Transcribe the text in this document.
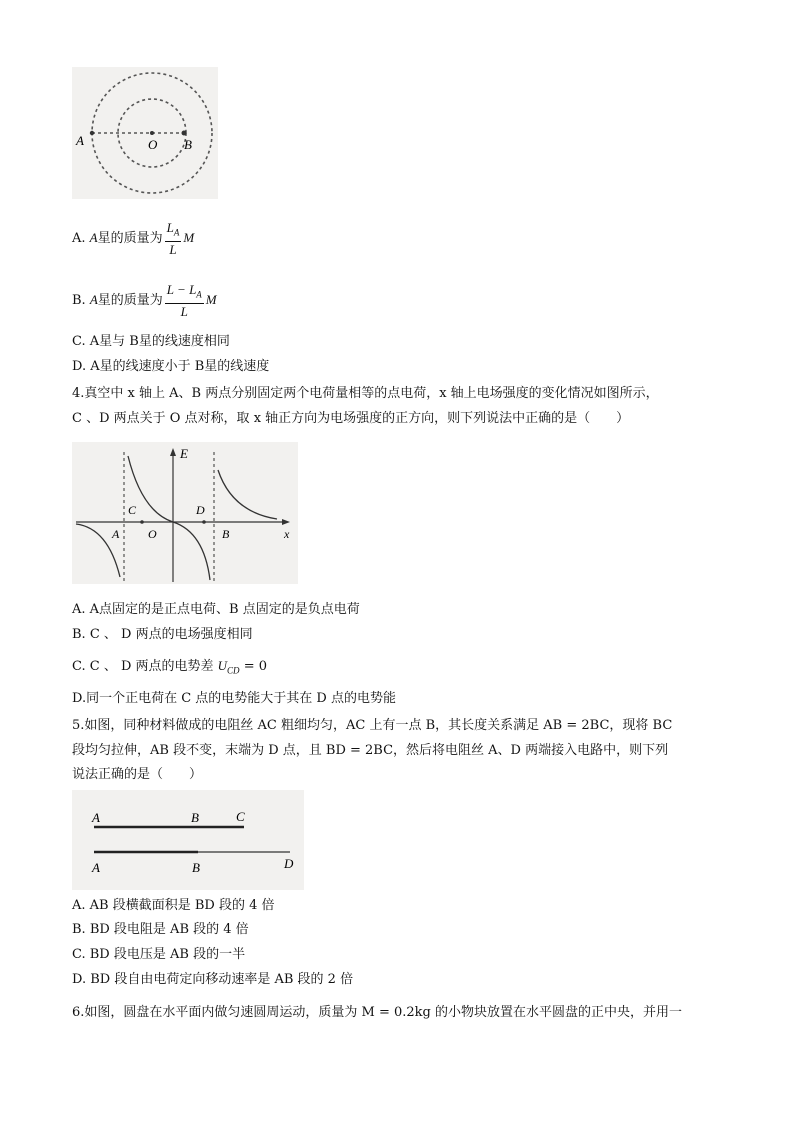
A	O B
A. A星的质量为 $\frac{L_A}{L}$ M
B. A星的质量为 $\frac{L - L_A}{L}$ M
C. A星与 B星的线速度相同
D. A星的线速度小于 B星的线速度
4.真空中 x 轴上 A、B 两点分别固定两个电荷量相等的点电荷，x 轴上电场强度的变化情况如图所示，
C 、D 两点关于 O 点对称，取 x 轴正方向为电场强度的正方向，则下列说法中正确的是（　　）
E
x
A
C
O
D
B
A. A点固定的是正点电荷、B 点固定的是负点电荷
B. C 、 D 两点的电场强度相同
C. C 、 D 两点的电势差 $U_{CD} = 0$
D.同一个正电荷在 C 点的电势能大于其在 D 点的电势能
5.如图，同种材料做成的电阻丝 AC 粗细均匀，AC 上有一点 B，其长度关系满足 AB = 2BC，现将 BC
段均匀拉伸，AB 段不变，末端为 D 点，且 BD = 2BC，然后将电阻丝 A、D 两端接入电路中，则下列
说法正确的是（　　）
A	B	C
A	B	D
A. AB 段横截面积是 BD 段的 4 倍
B. BD 段电阻是 AB 段的 4 倍
C. BD 段电压是 AB 段的一半
D. BD 段自由电荷定向移动速率是 AB 段的 2 倍
6.如图，圆盘在水平面内做匀速圆周运动，质量为 M = 0.2kg 的小物块放置在水平圆盘的正中央，并用一
